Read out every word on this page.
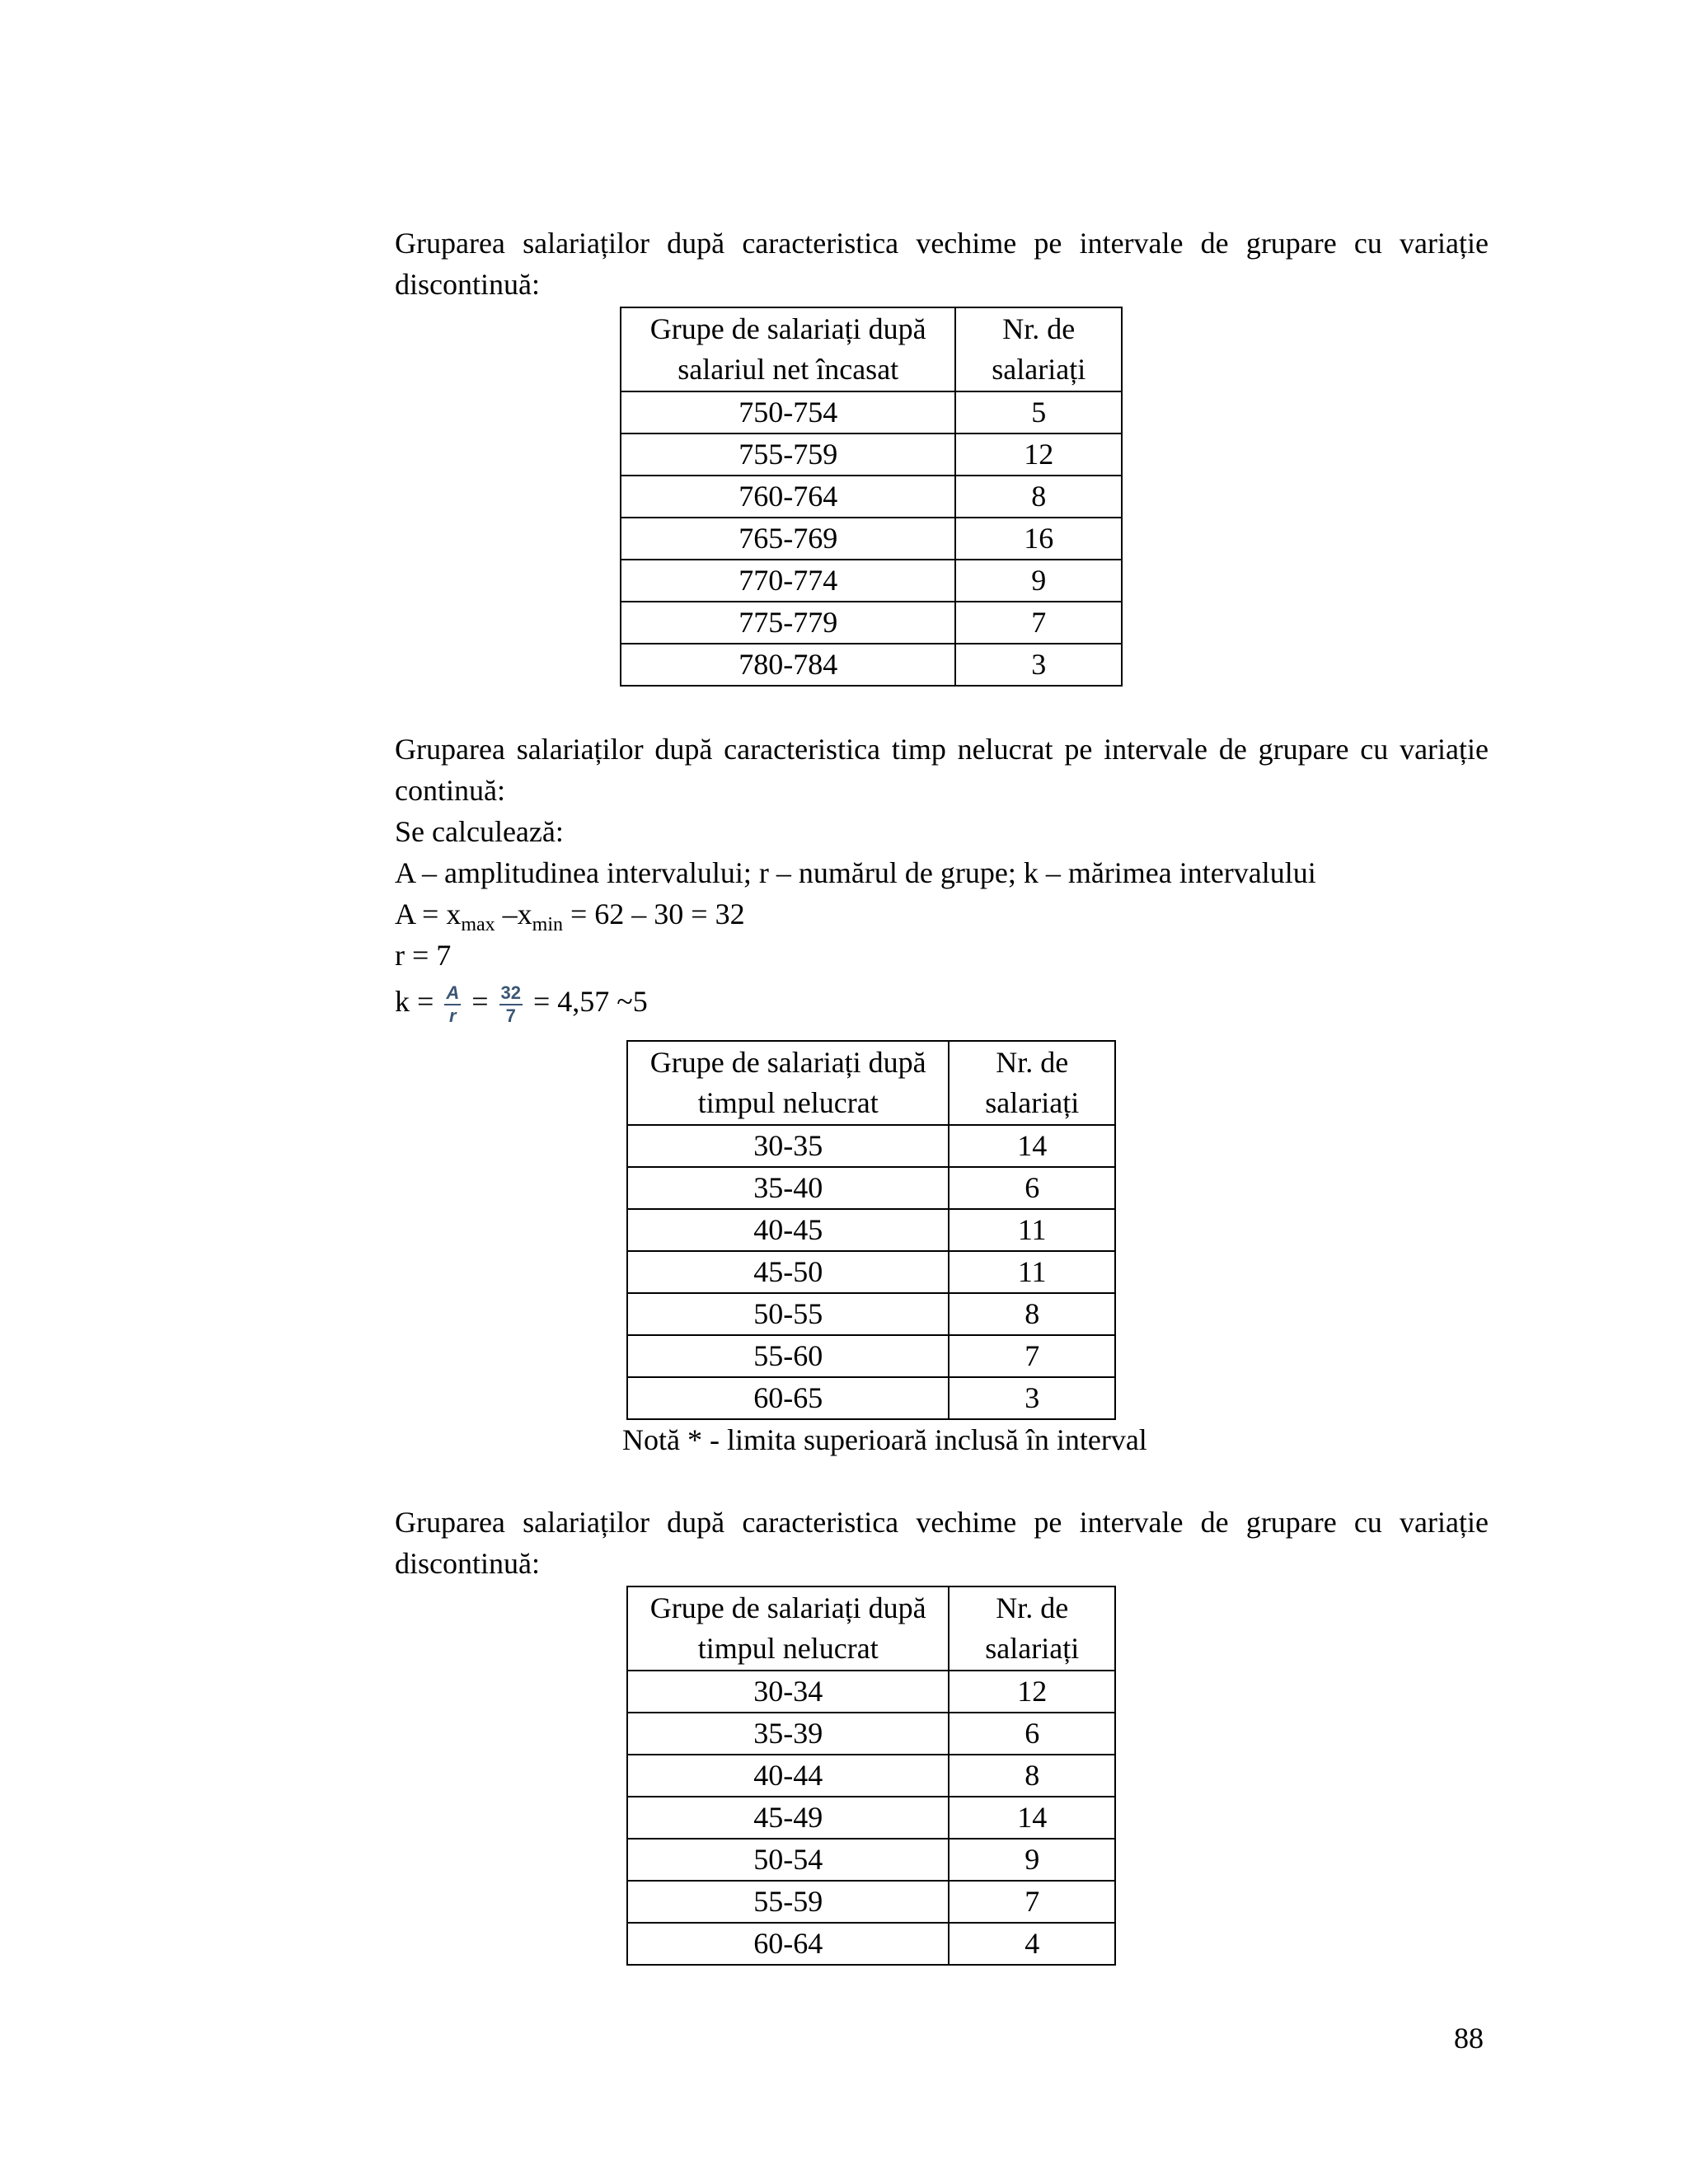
Gruparea salariaților după caracteristica vechime pe intervale de grupare cu variație discontinuă:

Grupe de salariați după salariul net încasat	Nr. de salariați
750-754	5
755-759	12
760-764	8
765-769	16
770-774	9
775-779	7
780-784	3

Gruparea salariaților după caracteristica timp nelucrat pe intervale de grupare cu variație continuă:

Se calculează:
A – amplitudinea intervalului; r – numărul de grupe; k – mărimea intervalului
$A = x_{max}$ $-x_{min} = 62 - 30 = 32$
r = 7
$k = \frac{A}{r} = \frac{32}{7} = 4,57$ ~5
Grupe de salariați după timpul nelucrat	Nr. de salariați
30-35	14
35-40	6
40-45	11
45-50	11
50-55	8
55-60	7
60-65	3
Notă * - limita superioară inclusă în interval

Gruparea salariaților după caracteristica vechime pe intervale de grupare cu variație discontinuă:

Grupe de salariați după timpul nelucrat	Nr. de salariați
30-34	12
35-39	6
40-44	8
45-49	14
50-54	9
55-59	7
60-64	4
88
